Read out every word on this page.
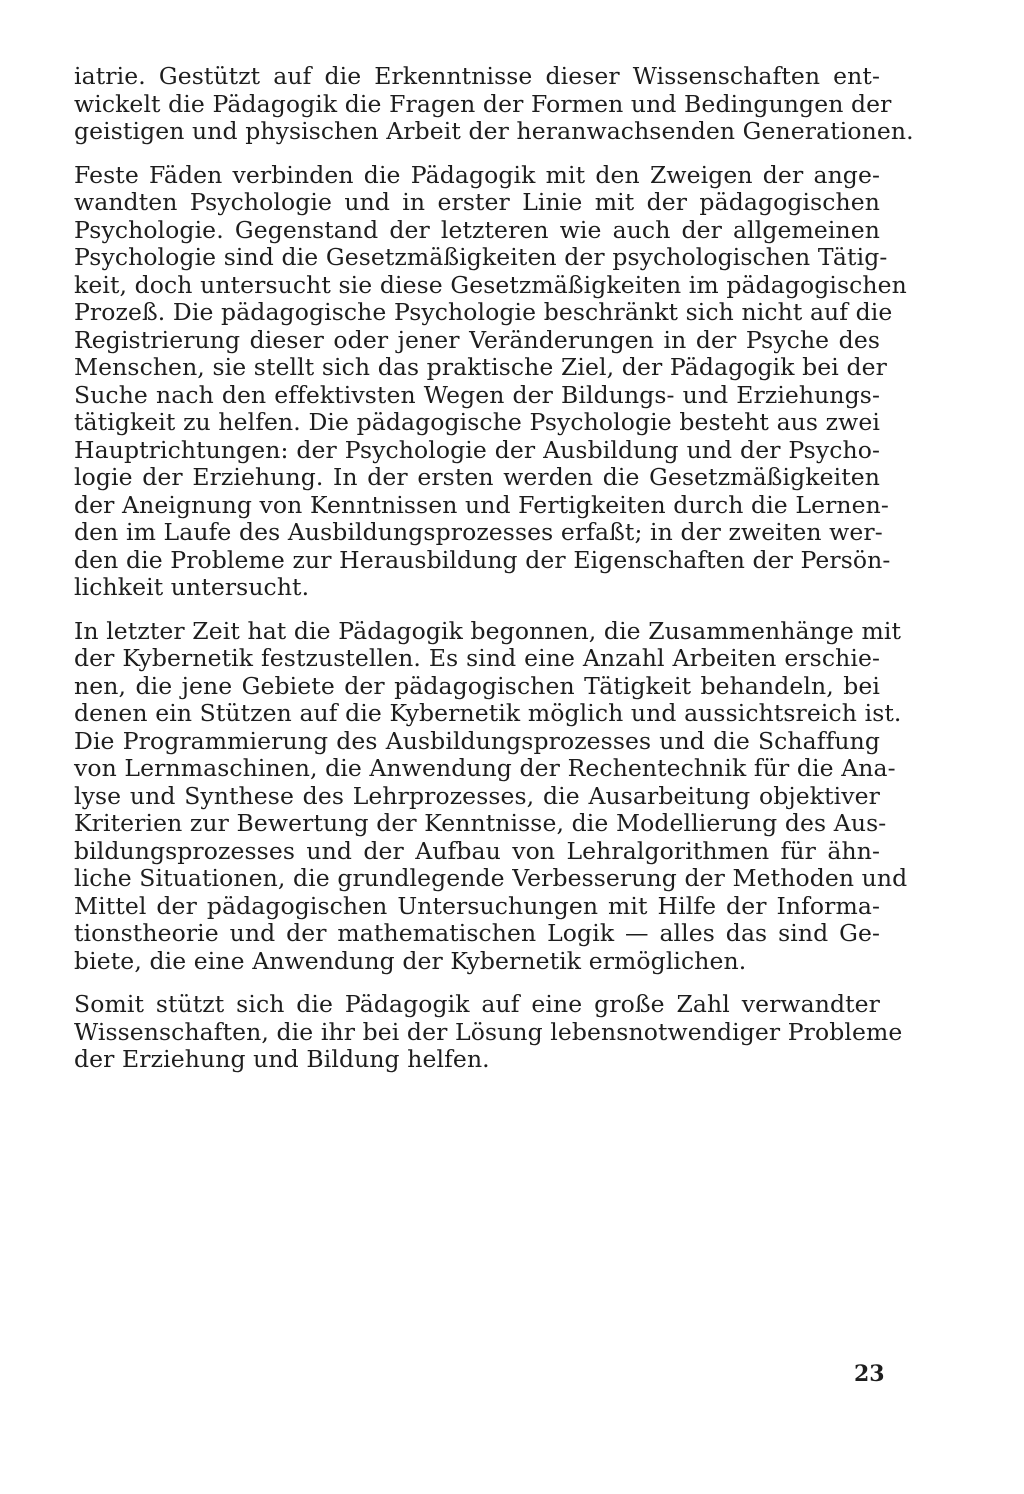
iatrie. Gestützt auf die Erkenntnisse dieser Wissenschaften ent-
wickelt die Pädagogik die Fragen der Formen und Bedingungen der
geistigen und physischen Arbeit der heranwachsenden Generationen.

Feste Fäden verbinden die Pädagogik mit den Zweigen der ange-
wandten Psychologie und in erster Linie mit der pädagogischen
Psychologie. Gegenstand der letzteren wie auch der allgemeinen
Psychologie sind die Gesetzmäßigkeiten der psychologischen Tätig-
keit, doch untersucht sie diese Gesetzmäßigkeiten im pädagogischen
Prozeß. Die pädagogische Psychologie beschränkt sich nicht auf die
Registrierung dieser oder jener Veränderungen in der Psyche des
Menschen, sie stellt sich das praktische Ziel, der Pädagogik bei der
Suche nach den effektivsten Wegen der Bildungs- und Erziehungs-
tätigkeit zu helfen. Die pädagogische Psychologie besteht aus zwei
Hauptrichtungen: der Psychologie der Ausbildung und der Psycho-
logie der Erziehung. In der ersten werden die Gesetzmäßigkeiten
der Aneignung von Kenntnissen und Fertigkeiten durch die Lernen-
den im Laufe des Ausbildungsprozesses erfaßt; in der zweiten wer-
den die Probleme zur Herausbildung der Eigenschaften der Persön-
lichkeit untersucht.

In letzter Zeit hat die Pädagogik begonnen, die Zusammenhänge mit
der Kybernetik festzustellen. Es sind eine Anzahl Arbeiten erschie-
nen, die jene Gebiete der pädagogischen Tätigkeit behandeln, bei
denen ein Stützen auf die Kybernetik möglich und aussichtsreich ist.
Die Programmierung des Ausbildungsprozesses und die Schaffung
von Lernmaschinen, die Anwendung der Rechentechnik für die Ana-
lyse und Synthese des Lehrprozesses, die Ausarbeitung objektiver
Kriterien zur Bewertung der Kenntnisse, die Modellierung des Aus-
bildungsprozesses und der Aufbau von Lehralgorithmen für ähn-
liche Situationen, die grundlegende Verbesserung der Methoden und
Mittel der pädagogischen Untersuchungen mit Hilfe der Informa-
tionstheorie und der mathematischen Logik — alles das sind Ge-
biete, die eine Anwendung der Kybernetik ermöglichen.

Somit stützt sich die Pädagogik auf eine große Zahl verwandter
Wissenschaften, die ihr bei der Lösung lebensnotwendiger Probleme
der Erziehung und Bildung helfen.

23
